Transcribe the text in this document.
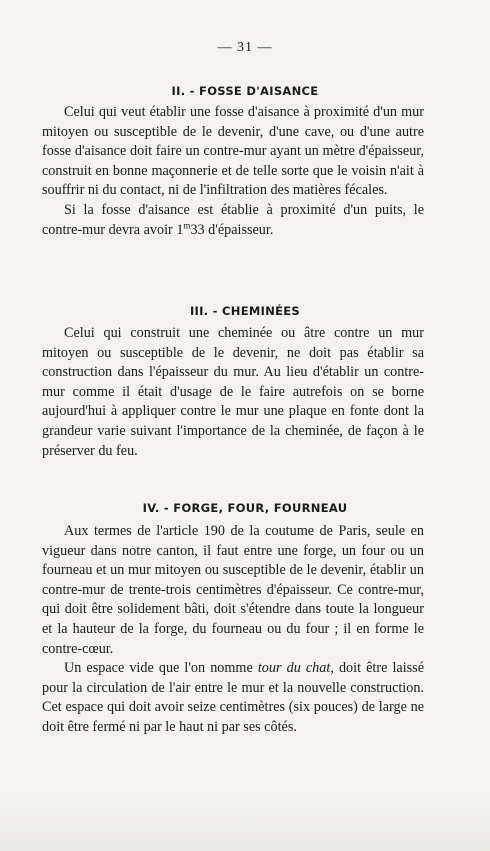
— 31 —
II. - FOSSE D'AISANCE

Celui qui veut établir une fosse d'aisance à proximité d'un mur mitoyen ou susceptible de le devenir, d'une cave, ou d'une autre fosse d'aisance doit faire un contre-mur ayant un mètre d'épaisseur, construit en bonne maçonnerie et de telle sorte que le voisin n'ait à souffrir ni du contact, ni de l'infiltration des matières fécales.

Si la fosse d'aisance est établie à proximité d'un puits, le contre-mur devra avoir 1$^m$33 d'épaisseur.

III. - CHEMINÉES

Celui qui construit une cheminée ou âtre contre un mur mitoyen ou susceptible de le devenir, ne doit pas établir sa construction dans l'épaisseur du mur. Au lieu d'établir un contre-mur comme il était d'usage de le faire autrefois on se borne aujourd'hui à appliquer contre le mur une plaque en fonte dont la grandeur varie suivant l'importance de la cheminée, de façon à le préserver du feu.

IV. - FORGE, FOUR, FOURNEAU

Aux termes de l'article 190 de la coutume de Paris, seule en vigueur dans notre canton, il faut entre une forge, un four ou un fourneau et un mur mitoyen ou susceptible de le devenir, établir un contre-mur de trente-trois centimètres d'épaisseur. Ce contre-mur, qui doit être solidement bâti, doit s'étendre dans toute la longueur et la hauteur de la forge, du fourneau ou du four ; il en forme le contre-cœur.

Un espace vide que l'on nomme tour du chat, doit être laissé pour la circulation de l'air entre le mur et la nouvelle construction. Cet espace qui doit avoir seize centimètres (six pouces) de large ne doit être fermé ni par le haut ni par ses côtés.
